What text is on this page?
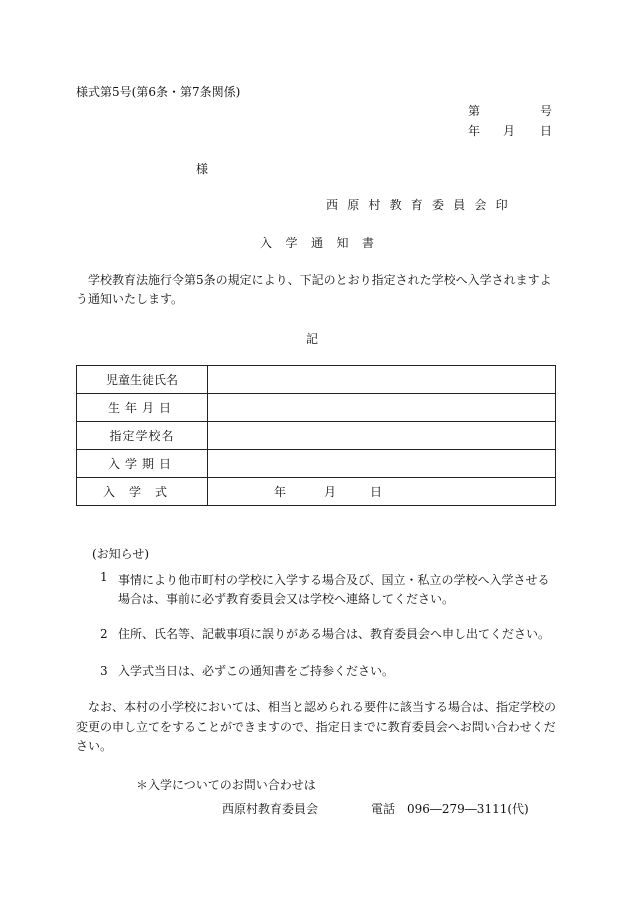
様式第5号(第6条・第7条関係)
第	号
年 月 日
様
西原村教育委員会印
入学通知書
学校教育法施行令第5条の規定により、下記のとおり指定された学校へ入学されますよう通知いたします。
記
児童生徒氏名	
生年月日	
指定学校名	
入学期日	
入学式	年 月 日
(お知らせ)
1 事情により他市町村の学校に入学する場合及び、国立・私立の学校へ入学させる場合は、事前に必ず教育委員会又は学校へ連絡してください。
2 住所、氏名等、記載事項に誤りがある場合は、教育委員会へ申し出てください。
3 入学式当日は、必ずこの通知書をご持参ください。
なお、本村の小学校においては、相当と認められる要件に該当する場合は、指定学校の変更の申し立てをすることができますので、指定日までに教育委員会へお問い合わせください。
＊入学についてのお問い合わせは
西原村教育委員会	電話　096―279―3111(代)
